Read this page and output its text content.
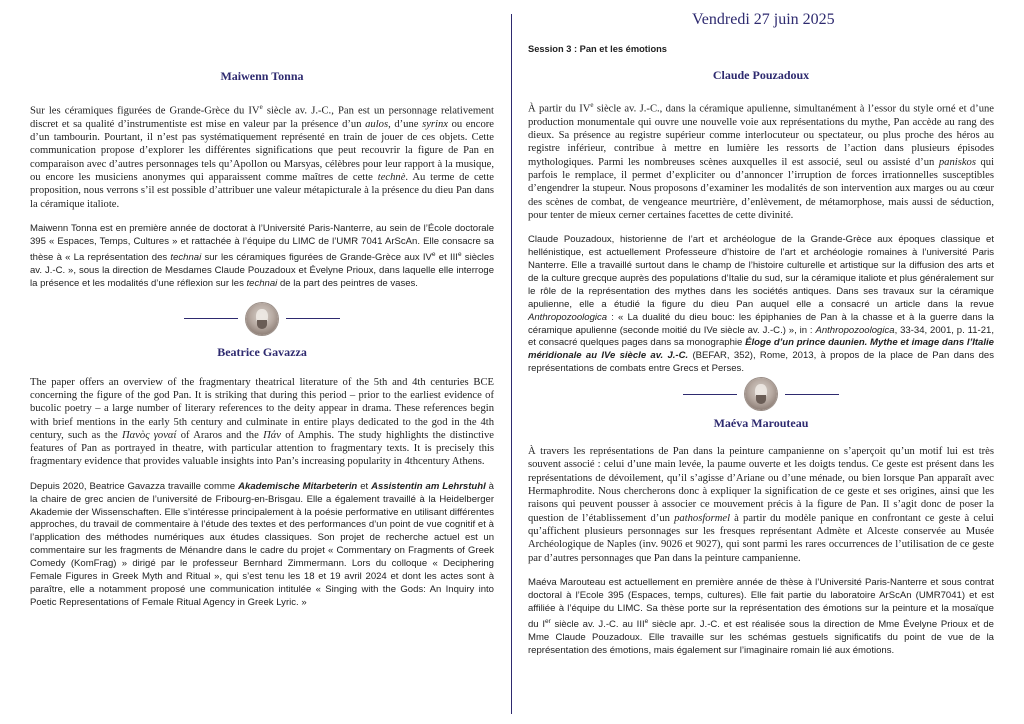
Vendredi 27 juin 2025

Maiwenn Tonna

Sur les céramiques figurées de Grande-Grèce du IVe siècle av. J.-C., Pan est un personnage relativement discret et sa qualité d’instrumentiste est mise en valeur par la présence d’un aulos, d’une syrinx ou encore d’un tambourin. Pourtant, il n’est pas systématiquement représenté en train de jouer de ces objets. Cette communication propose d’explorer les différentes significations que peut recouvrir la figure de Pan en comparaison avec d’autres personnages tels qu’Apollon ou Marsyas, célèbres pour leur rapport à la musique, ou encore les musiciens anonymes qui apparaissent comme maîtres de cette technè. Au terme de cette proposition, nous verrons s’il est possible d’attribuer une valeur métapicturale à la présence du dieu Pan dans la céramique italiote.

Maiwenn Tonna est en première année de doctorat à l’Université Paris-Nanterre, au sein de l’École doctorale 395 « Espaces, Temps, Cultures » et rattachée à l’équipe du LIMC de l’UMR 7041 ArScAn. Elle consacre sa thèse à « La représentation des technai sur les céramiques figurées de Grande-Grèce aux IVe et IIIe siècles av. J.-C. », sous la direction de Mesdames Claude Pouzadoux et Évelyne Prioux, dans laquelle elle interroge la présence et les modalités d’une réflexion sur les technai de la part des peintres de vases.

Beatrice Gavazza

The paper offers an overview of the fragmentary theatrical literature of the 5th and 4th centuries BCE concerning the figure of the god Pan. It is striking that during this period – prior to the earliest evidence of bucolic poetry – a large number of literary references to the deity appear in drama. These references begin with brief mentions in the early 5th century and culminate in entire plays dedicated to the god in the 4th century, such as the Πανὸς γοναί of Araros and the Πάν of Amphis. The study highlights the distinctive features of Pan as portrayed in theatre, with particular attention to fragmentary texts. It is precisely this fragmentary evidence that provides valuable insights into Pan’s increasing popularity in 4thcentury Athens.

Depuis 2020, Beatrice Gavazza travaille comme Akademische Mitarbeterin et Assistentin am Lehrstuhl à la chaire de grec ancien de l’université de Fribourg-en-Brisgau. Elle a également travaillé à la Heidelberger Akademie der Wissenschaften. Elle s’intéresse principalement à la poésie performative en utilisant différentes approches, du travail de commentaire à l’étude des textes et des performances d’un point de vue cognitif et à l’application des méthodes numériques aux études classiques. Son projet de recherche actuel est un commentaire sur les fragments de Ménandre dans le cadre du projet « Commentary on Fragments of Greek Comedy (KomFrag) » dirigé par le professeur Bernhard Zimmermann. Lors du colloque « Deciphering Female Figures in Greek Myth and Ritual », qui s’est tenu les 18 et 19 avril 2024 et dont les actes sont à paraître, elle a notamment proposé une communication intitulée « Singing with the Gods: An Inquiry into Poetic Representations of Female Ritual Agency in Greek Lyric. »

Session 3 : Pan et les émotions

Claude Pouzadoux

À partir du IVe siècle av. J.-C., dans la céramique apulienne, simultanément à l’essor du style orné et d’une production monumentale qui ouvre une nouvelle voie aux représentations du mythe, Pan accède au rang des dieux. Sa présence au registre supérieur comme interlocuteur ou spectateur, ou plus proche des héros au registre inférieur, contribue à mettre en lumière les ressorts de l’action dans plusieurs épisodes mythologiques. Parmi les nombreuses scènes auxquelles il est associé, seul ou assisté d’un paniskos qui parfois le remplace, il permet d’expliciter ou d’annoncer l’irruption de forces irrationnelles susceptibles d’engendrer la stupeur. Nous proposons d’examiner les modalités de son intervention aux marges ou au cœur des scènes de combat, de vengeance meurtrière, d’enlèvement, de métamorphose, mais aussi de séduction, pour tenter de mieux cerner certaines facettes de cette divinité.

Claude Pouzadoux, historienne de l’art et archéologue de la Grande-Grèce aux époques classique et hellénistique, est actuellement Professeure d’histoire de l’art et archéologie romaines à l’université Paris Nanterre. Elle a travaillé surtout dans le champ de l’histoire culturelle et artistique sur la diffusion des arts et de la culture grecque auprès des populations d’Italie du sud, sur la céramique italiote et plus généralement sur le rôle de la représentation des mythes dans les sociétés antiques. Dans ses travaux sur la céramique apulienne, elle a étudié la figure du dieu Pan auquel elle a consacré un article dans la revue Anthropozoologica : « La dualité du dieu bouc: les épiphanies de Pan à la chasse et à la guerre dans la céramique apulienne (seconde moitié du IVe siècle av. J.-C.) », in : Anthropozoologica, 33-34, 2001, p. 11-21, et consacré quelques pages dans sa monographie Éloge d’un prince daunien. Mythe et image dans l’Italie méridionale au IVe siècle av. J.-C. (BEFAR, 352), Rome, 2013, à propos de la place de Pan dans des représentations de combats entre Grecs et Perses.

Maéva Marouteau

À travers les représentations de Pan dans la peinture campanienne on s’aperçoit qu’un motif lui est très souvent associé : celui d’une main levée, la paume ouverte et les doigts tendus. Ce geste est présent dans les représentations de dévoilement, qu’il s’agisse d’Ariane ou d’une ménade, ou bien lorsque Pan apparaît avec Hermaphrodite. Nous chercherons donc à expliquer la signification de ce geste et ses origines, ainsi que les raisons qui peuvent pousser à associer ce mouvement précis à la figure de Pan. Il s’agit donc de poser la question de l’établissement d’un pathosformel à partir du modèle panique en confrontant ce geste à celui qu’affichent plusieurs personnages sur les fresques représentant Admète et Alceste conservée au Musée Archéologique de Naples (inv. 9026 et 9027), qui sont parmi les rares occurrences de l’utilisation de ce geste par d’autres personnages que Pan dans la peinture campanienne.

Maéva Marouteau est actuellement en première année de thèse à l’Université Paris-Nanterre et sous contrat doctoral à l’Ecole 395 (Espaces, temps, cultures). Elle fait partie du laboratoire ArScAn (UMR7041) et est affiliée à l’équipe du LIMC. Sa thèse porte sur la représentation des émotions sur la peinture et la mosaïque du Ier siècle av. J.-C. au IIIe siècle apr. J.-C. et est réalisée sous la direction de Mme Évelyne Prioux et de Mme Claude Pouzadoux. Elle travaille sur les schémas gestuels significatifs du point de vue de la représentation des émotions, mais également sur l’imaginaire romain lié aux émotions.
